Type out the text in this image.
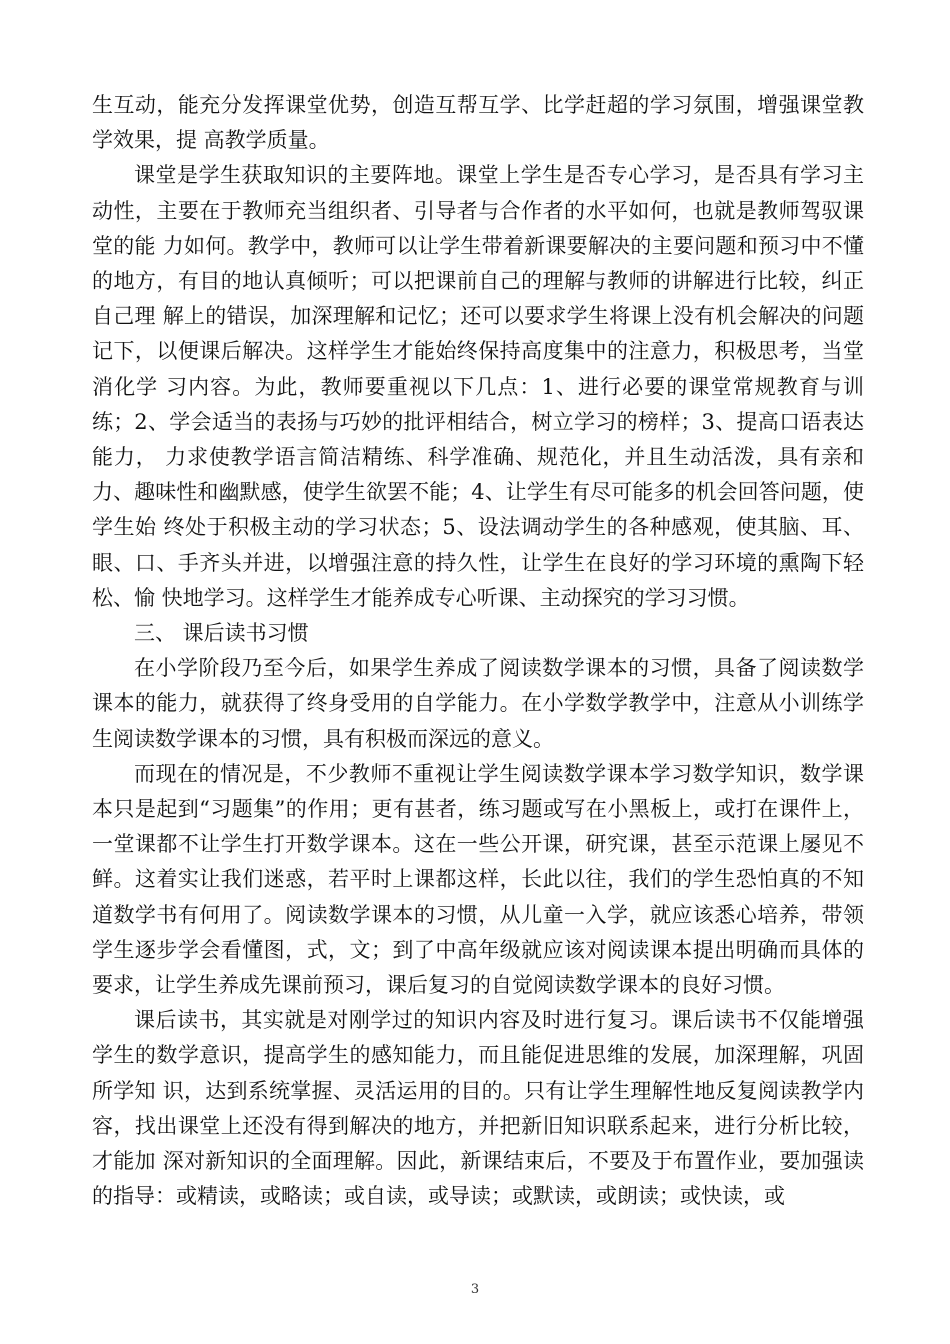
生互动，能充分发挥课堂优势，创造互帮互学、比学赶超的学习氛围，增强课堂教学效果，提 高教学质量。

课堂是学生获取知识的主要阵地。课堂上学生是否专心学习，是否具有学习主动性，主要在于教师充当组织者、引导者与合作者的水平如何，也就是教师驾驭课堂的能 力如何。教学中，教师可以让学生带着新课要解决的主要问题和预习中不懂的地方，有目的地认真倾听；可以把课前自己的理解与教师的讲解进行比较，纠正自己理 解上的错误，加深理解和记忆；还可以要求学生将课上没有机会解决的问题记下，以便课后解决。这样学生才能始终保持高度集中的注意力，积极思考，当堂消化学 习内容。为此，教师要重视以下几点：1、进行必要的课堂常规教育与训练；2、学会适当的表扬与巧妙的批评相结合，树立学习的榜样；3、提高口语表达能力， 力求使教学语言简洁精练、科学准确、规范化，并且生动活泼，具有亲和力、趣味性和幽默感，使学生欲罢不能；4、让学生有尽可能多的机会回答问题，使学生始 终处于积极主动的学习状态；5、设法调动学生的各种感观，使其脑、耳、眼、口、手齐头并进，以增强注意的持久性，让学生在良好的学习环境的熏陶下轻松、愉 快地学习。这样学生才能养成专心听课、主动探究的学习习惯。

三、 课后读书习惯

在小学阶段乃至今后，如果学生养成了阅读数学课本的习惯，具备了阅读数学课本的能力，就获得了终身受用的自学能力。在小学数学教学中，注意从小训练学生阅读数学课本的习惯，具有积极而深远的意义。

而现在的情况是，不少教师不重视让学生阅读数学课本学习数学知识，数学课本只是起到“习题集”的作用；更有甚者，练习题或写在小黑板上，或打在课件上，一堂课都不让学生打开数学课本。这在一些公开课，研究课，甚至示范课上屡见不鲜。这着实让我们迷惑，若平时上课都这样，长此以往，我们的学生恐怕真的不知道数学书有何用了。阅读数学课本的习惯，从儿童一入学，就应该悉心培养，带领学生逐步学会看懂图，式，文；到了中高年级就应该对阅读课本提出明确而具体的要求，让学生养成先课前预习，课后复习的自觉阅读数学课本的良好习惯。

课后读书，其实就是对刚学过的知识内容及时进行复习。课后读书不仅能增强学生的数学意识，提高学生的感知能力，而且能促进思维的发展，加深理解，巩固所学知 识，达到系统掌握、灵活运用的目的。只有让学生理解性地反复阅读教学内容，找出课堂上还没有得到解决的地方，并把新旧知识联系起来，进行分析比较，才能加 深对新知识的全面理解。因此，新课结束后，不要及于布置作业，要加强读的指导：或精读，或略读；或自读，或导读；或默读，或朗读；或快读，或

3
